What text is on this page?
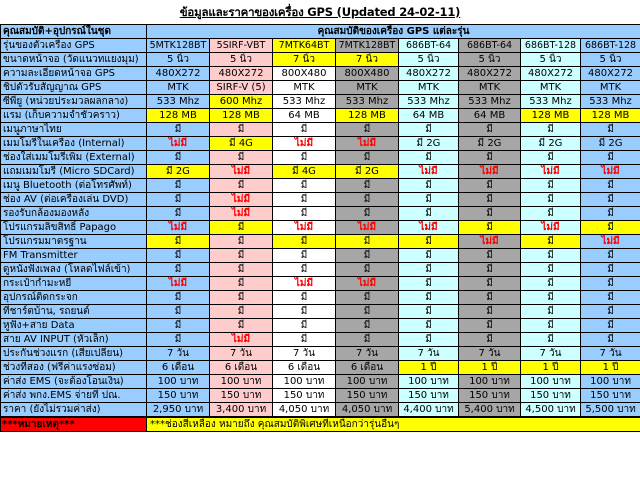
ข้อมูลและราคาของเครื่อง GPS (Updated 24-02-11)
คุณสมบัติ+อุปกรณ์ในชุด	คุณสมบัติของเครื่อง GPS แต่ละรุ่น							
รุ่นของตัวเครื่อง GPS	5MTK128BT	5SIRF-VBT	7MTK64BT	7MTK128BT	686BT-64	686BT-64	686BT-128	686BT-128
ขนาดหน้าจอ (วัดแนวทแยงมุม)	5 นิ้ว	5 นิ้ว	7 นิ้ว	7 นิ้ว	5 นิ้ว	5 นิ้ว	5 นิ้ว	5 นิ้ว
ความละเอียดหน้าจอ GPS	480X272	480X272	800X480	800X480	480X272	480X272	480X272	480X272
ชิปตัวรับสัญญาณ GPS	MTK	SIRF-V (5)	MTK	MTK	MTK	MTK	MTK	MTK
ซีพียู (หน่วยประมวลผลกลาง)	533 Mhz	600 Mhz	533 Mhz	533 Mhz	533 Mhz	533 Mhz	533 Mhz	533 Mhz
แรม (เก็บความจำชั่วคราว)	128 MB	128 MB	64 MB	128 MB	64 MB	64 MB	128 MB	128 MB
เมนูภาษาไทย	มี	มี	มี	มี	มี	มี	มี	มี
เมมโมรี่ในเครื่อง (Internal)	ไม่มี	มี 4G	ไม่มี	ไม่มี	มี 2G	มี 2G	มี 2G	มี 2G
ช่องใส่เมมโมรี่เพิ่ม (External)	มี	มี	มี	มี	มี	มี	มี	มี
แถมเมมโมรี่ (Micro SDCard)	มี 2G	ไม่มี	มี 4G	มี 2G	ไม่มี	ไม่มี	ไม่มี	ไม่มี
เมนู Bluetooth (ต่อโทรศัพท์)	มี	มี	มี	มี	มี	มี	มี	มี
ช่อง AV (ต่อเครื่องเล่น DVD)	มี	ไม่มี	มี	มี	มี	มี	มี	มี
รองรับกล้องมองหลัง	มี	ไม่มี	มี	มี	มี	มี	มี	มี
โปรแกรมลิขสิทธิ์ Papago	ไม่มี	มี	ไม่มี	ไม่มี	ไม่มี	มี	ไม่มี	มี
โปรแกรมมาตรฐาน	มี	มี	มี	มี	มี	ไม่มี	มี	ไม่มี
FM Transmitter	มี	มี	มี	มี	มี	มี	มี	มี
ดูหนังฟังเพลง (โหลดไฟล์เข้า)	มี	มี	มี	มี	มี	มี	มี	มี
กระเป๋ากำมะหยี่	ไม่มี	มี	ไม่มี	ไม่มี	มี	มี	มี	มี
อุปกรณ์ติดกระจก	มี	มี	มี	มี	มี	มี	มี	มี
ที่ชาร์ตบ้าน, รถยนต์	มี	มี	มี	มี	มี	มี	มี	มี
หูฟัง+สาย Data	มี	มี	มี	มี	มี	มี	มี	มี
สาย AV INPUT (หัวเล็ก)	มี	ไม่มี	มี	มี	มี	มี	มี	มี
ประกันช่วงแรก (เสียเปลี่ยน)	7 วัน	7 วัน	7 วัน	7 วัน	7 วัน	7 วัน	7 วัน	7 วัน
ช่วงที่สอง (ฟรีค่าแรงซ่อม)	6 เดือน	6 เดือน	6 เดือน	6 เดือน	1 ปี	1 ปี	1 ปี	1 ปี
ค่าส่ง EMS (จะต้องโอนเงิน)	100 บาท	100 บาท	100 บาท	100 บาท	100 บาท	100 บาท	100 บาท	100 บาท
ค่าส่ง พกง.EMS จ่ายที่ ปณ.	150 บาท	150 บาท	150 บาท	150 บาท	150 บาท	150 บาท	150 บาท	150 บาท
ราคา (ยังไม่รวมค่าส่ง)	2,950 บาท	3,400 บาท	4,050 บาท	4,050 บาท	4,400 บาท	5,400 บาท	4,500 บาท	5,500 บาท
***หมายเหตุ***	***ช่องสีเหลือง หมายถึง คุณสมบัติพิเศษที่เหนือกว่ารุ่นอื่นๆ
